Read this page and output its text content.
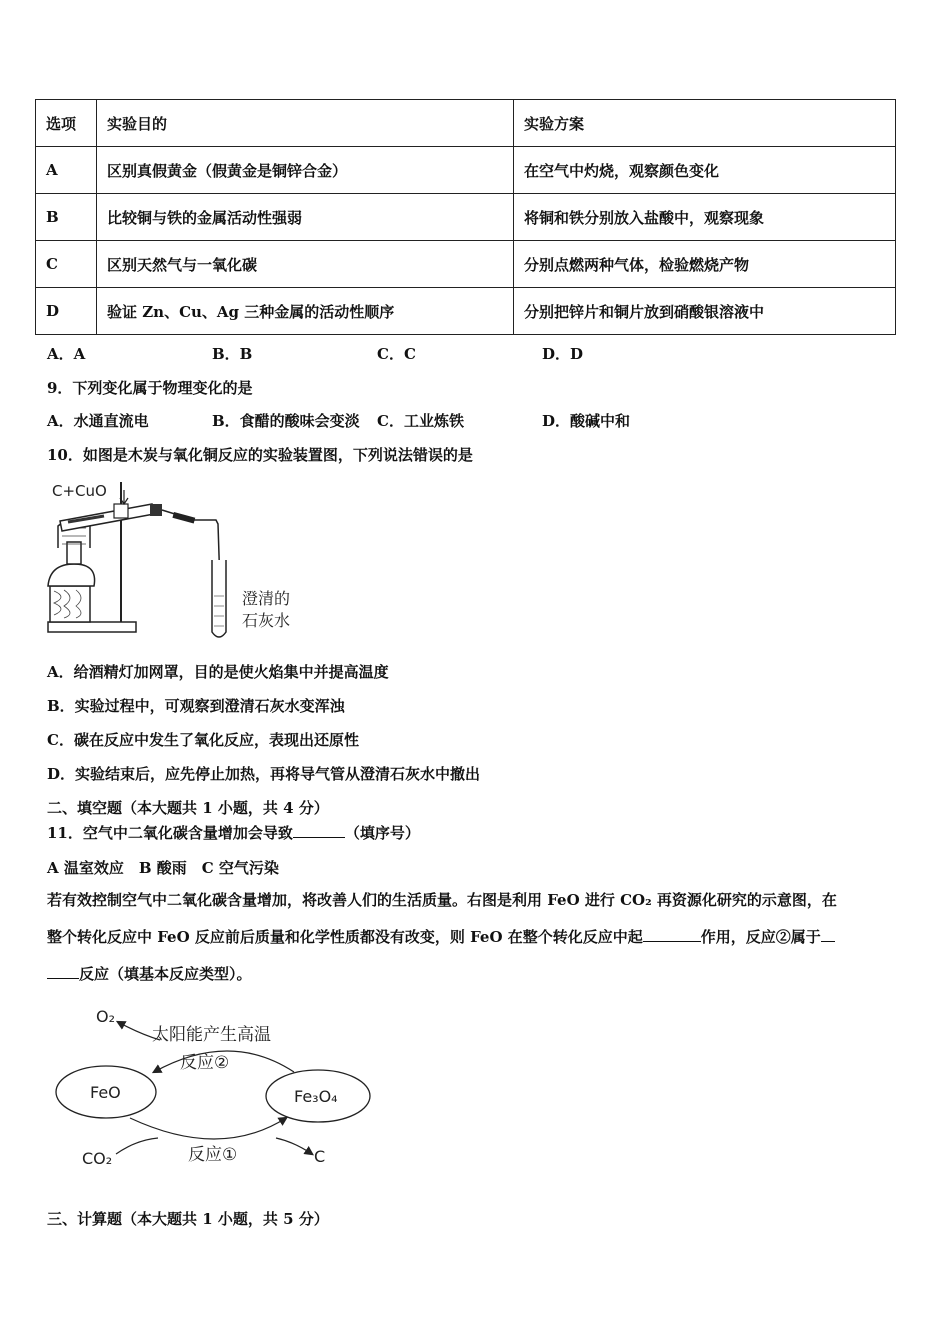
选项	实验目的	实验方案
A	区别真假黄金（假黄金是铜锌合金）	在空气中灼烧，观察颜色变化
B	比较铜与铁的金属活动性强弱	将铜和铁分别放入盐酸中，观察现象
C	区别天然气与一氧化碳	分别点燃两种气体，检验燃烧产物
D	验证 Zn、Cu、Ag 三种金属的活动性顺序	分别把锌片和铜片放到硝酸银溶液中
A．A	B．B	C．C	D．D
9．下列变化属于物理变化的是
A．水通直流电	B．食醋的酸味会变淡 C．工业炼铁	D．酸碱中和
10．如图是木炭与氧化铜反应的实验装置图，下列说法错误的是
C+CuO
澄清的
石灰水
A．给酒精灯加网罩，目的是使火焰集中并提高温度
B．实验过程中，可观察到澄清石灰水变浑浊
C．碳在反应中发生了氧化反应，表现出还原性
D．实验结束后，应先停止加热，再将导气管从澄清石灰水中撤出
二、填空题（本大题共 1 小题，共 4 分）
11．空气中二氧化碳含量增加会导致	（填序号）
A 温室效应　B 酸雨　C 空气污染
若有效控制空气中二氧化碳含量增加，将改善人们的生活质量。右图是利用 FeO 进行 CO₂ 再资源化研究的示意图，在
整个转化反应中 FeO 反应前后质量和化学性质都没有改变，则 FeO 在整个转化反应中起	作用，反应②属于
反应（填基本反应类型）。
O₂
太阳能产生高温
反应②
FeO	Fe₃O₄
CO₂	反应①	C
三、计算题（本大题共 1 小题，共 5 分）
